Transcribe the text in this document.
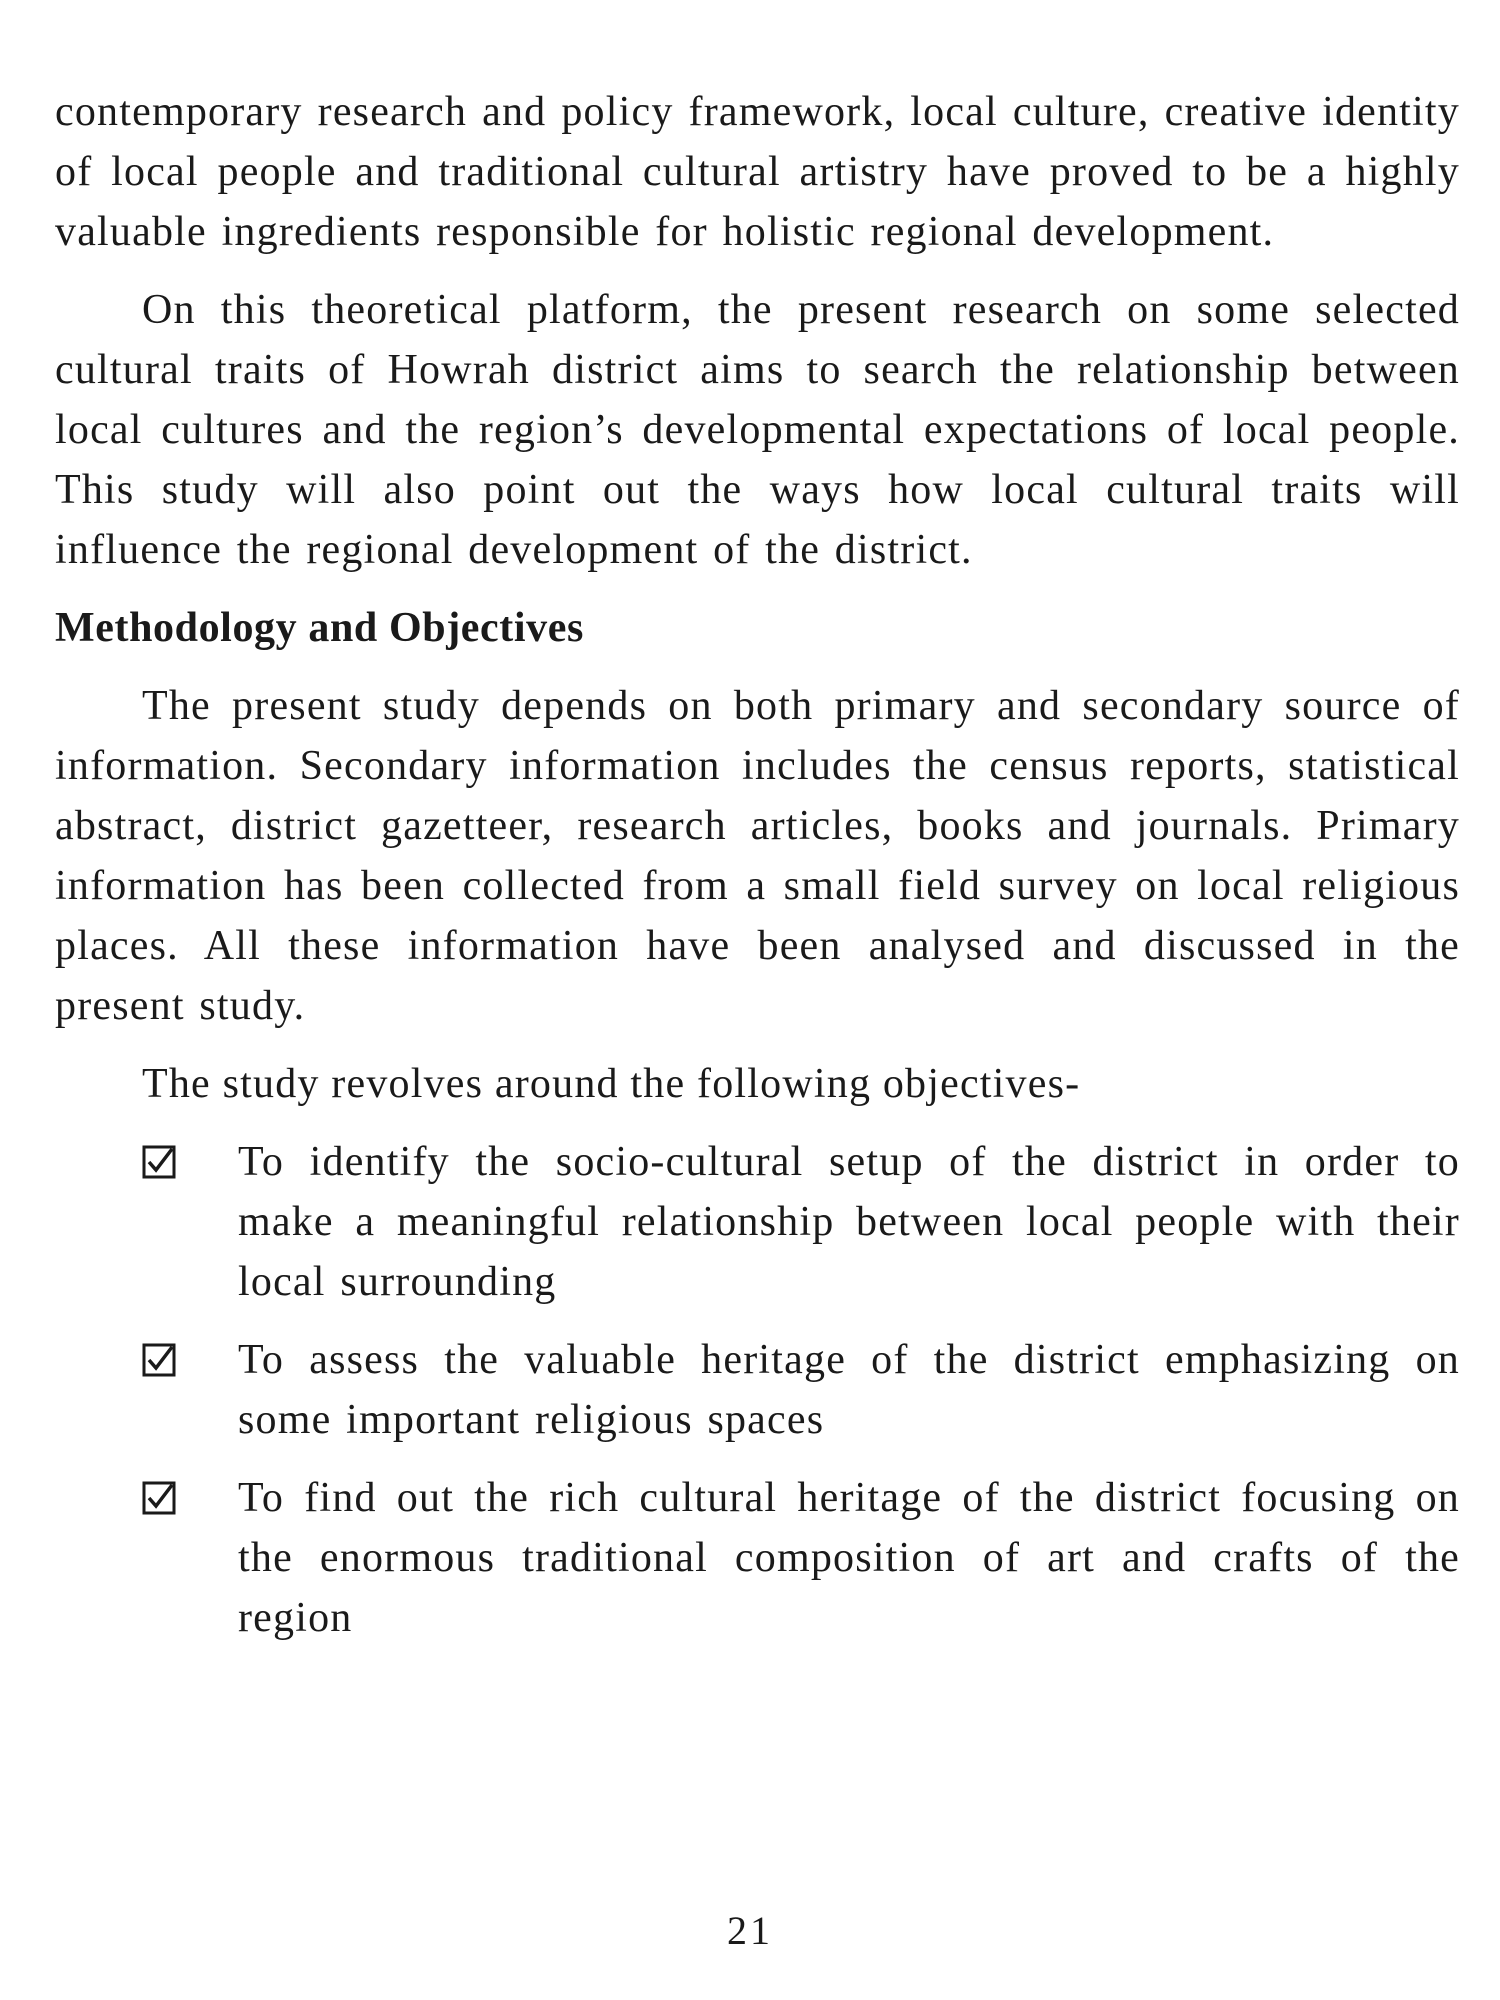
contemporary research and policy framework, local culture, creative identity of local people and traditional cultural artistry have proved to be a highly valuable ingredients responsible for holistic regional development.

On this theoretical platform, the present research on some selected cultural traits of Howrah district aims to search the relationship between local cultures and the region’s developmental expectations of local people. This study will also point out the ways how local cultural traits will influence the regional development of the district.

Methodology and Objectives

The present study depends on both primary and secondary source of information. Secondary information includes the census reports, statistical abstract, district gazetteer, research articles, books and journals. Primary information has been collected from a small field survey on local religious places. All these information have been analysed and discussed in the present study.

The study revolves around the following objectives-

To identify the socio-cultural setup of the district in order to make a meaningful relationship between local people with their local surrounding
To assess the valuable heritage of the district emphasizing on some important religious spaces
To find out the rich cultural heritage of the district focusing on the enormous traditional composition of art and crafts of the region
21
